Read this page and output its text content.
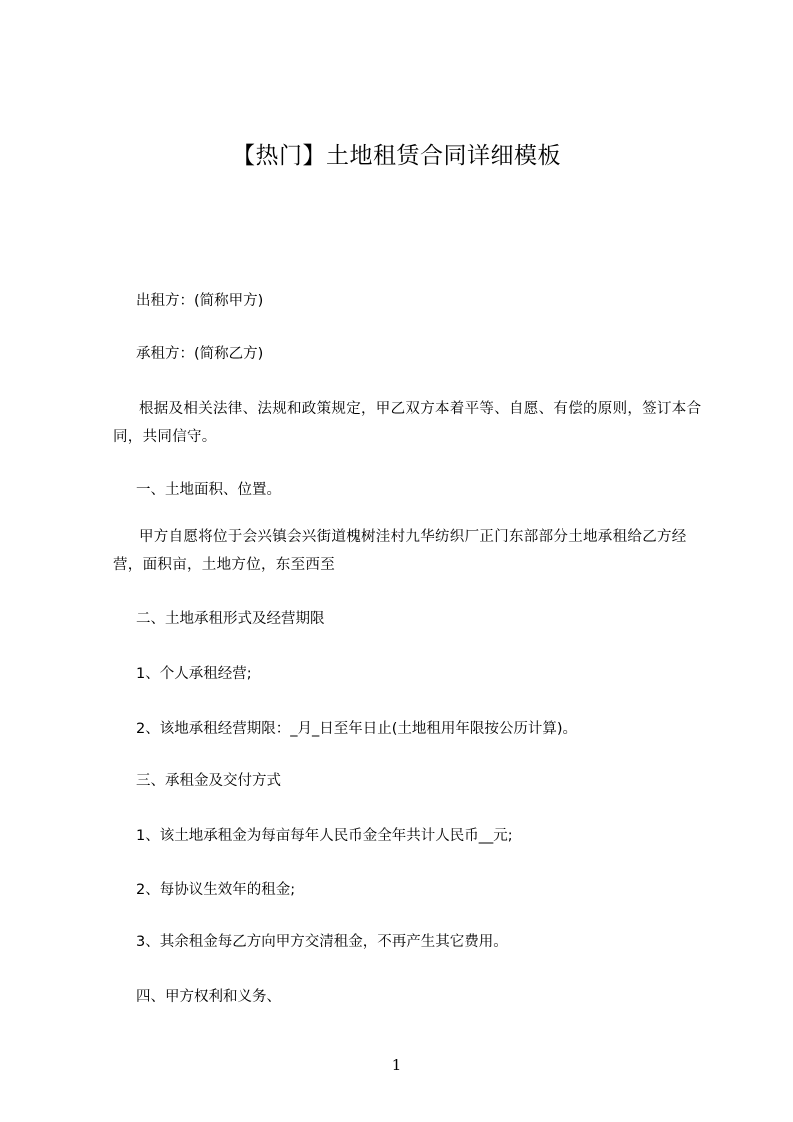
【热门】土地租赁合同详细模板
出租方：(简称甲方)
承租方：(简称乙方)
根据及相关法律、法规和政策规定，甲乙双方本着平等、自愿、有偿的原则，签订本合同，共同信守。
一、土地面积、位置。
甲方自愿将位于会兴镇会兴街道槐树洼村九华纺织厂正门东部部分土地承租给乙方经营，面积亩，土地方位，东至西至
二、土地承租形式及经营期限
1、个人承租经营;
2、该地承租经营期限：_月_日至年日止(土地租用年限按公历计算)。
三、承租金及交付方式
1、该土地承租金为每亩每年人民币金全年共计人民币__元;
2、每协议生效年的租金;
3、其余租金每乙方向甲方交清租金，不再产生其它费用。
四、甲方权利和义务、
1
